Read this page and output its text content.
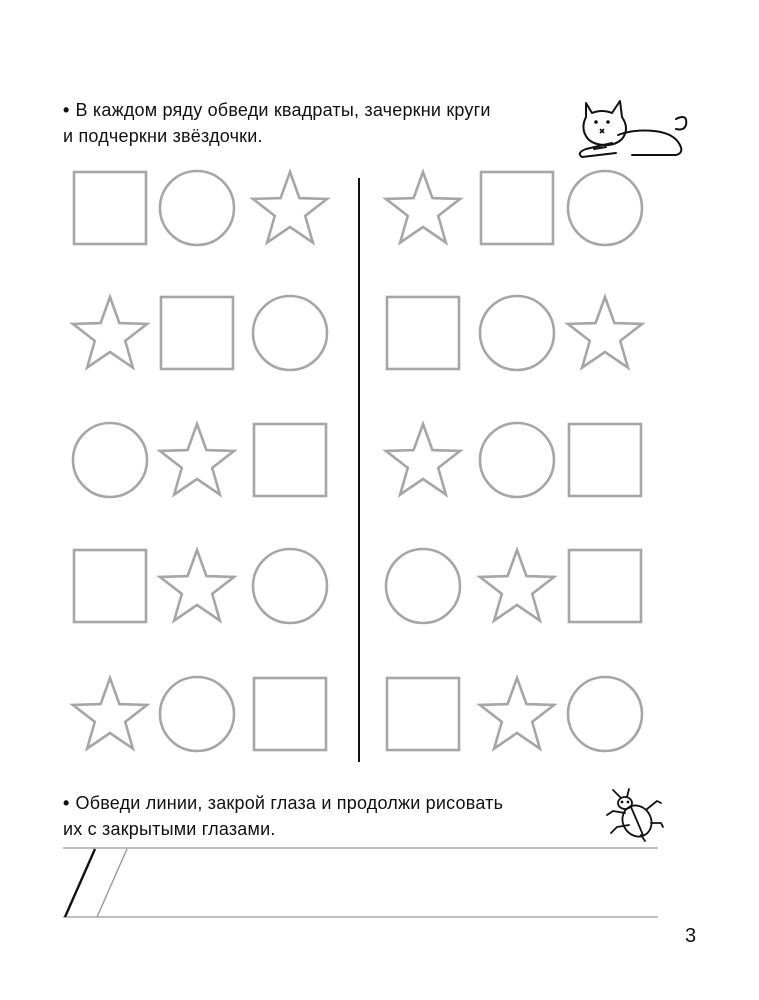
• В каждом ряду обведи квадраты, зачеркни круги
и подчеркни звёздочки.
• Обведи линии, закрой глаза и продолжи рисовать
их с закрытыми глазами.
3
